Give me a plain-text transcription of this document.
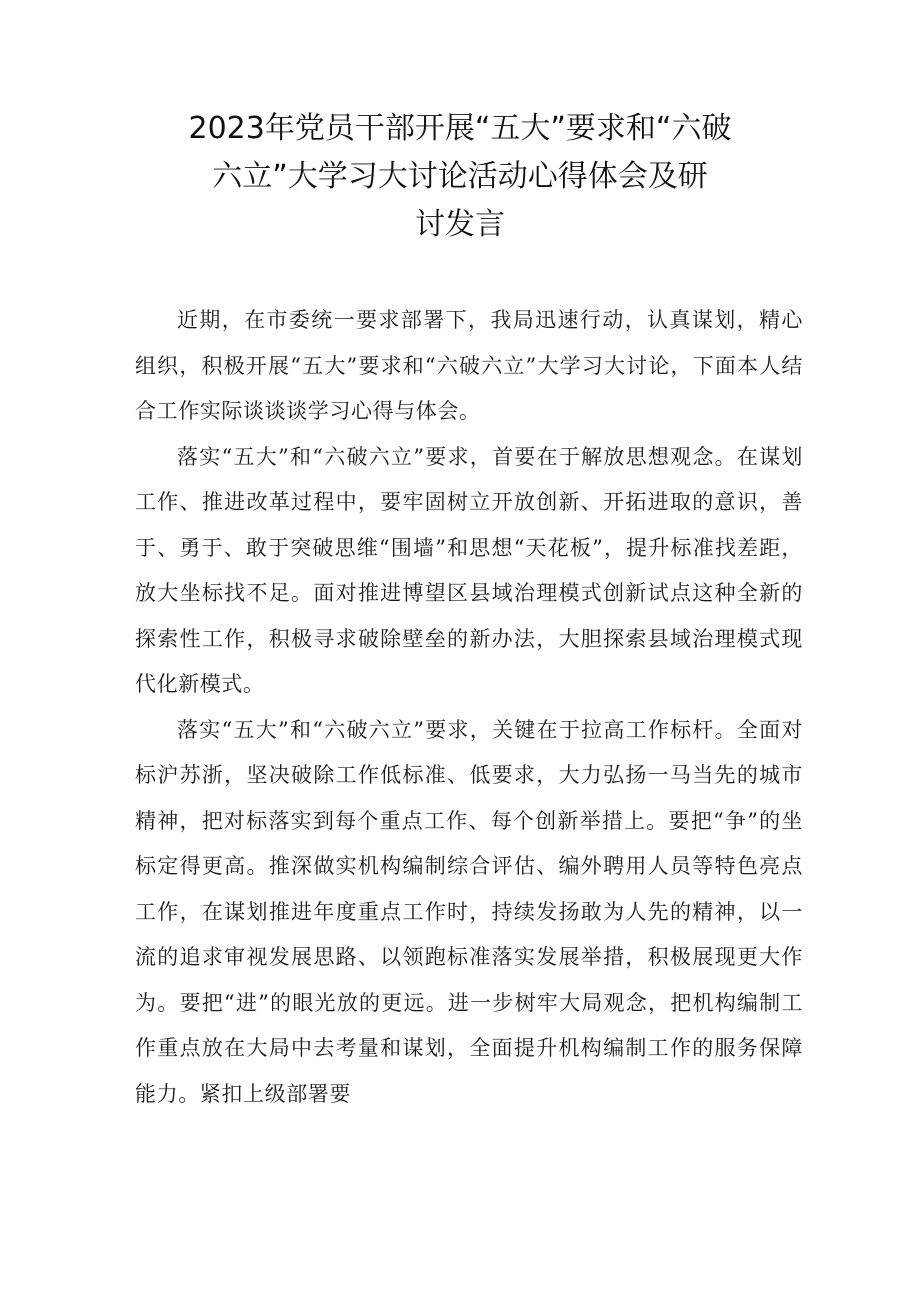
2023年党员干部开展“五大”要求和“六破
六立”大学习大讨论活动心得体会及研
讨发言

近期，在市委统一要求部署下，我局迅速行动，认真谋划，精心组织，积极开展“五大”要求和“六破六立”大学习大讨论，下面本人结合工作实际谈谈谈学习心得与体会。

落实“五大”和“六破六立”要求，首要在于解放思想观念。在谋划工作、推进改革过程中，要牢固树立开放创新、开拓进取的意识，善于、勇于、敢于突破思维“围墙”和思想“天花板”，提升标准找差距，放大坐标找不足。面对推进博望区县域治理模式创新试点这种全新的探索性工作，积极寻求破除壁垒的新办法，大胆探索县域治理模式现代化新模式。

落实“五大”和“六破六立”要求，关键在于拉高工作标杆。全面对标沪苏浙，坚决破除工作低标准、低要求，大力弘扬一马当先的城市精神，把对标落实到每个重点工作、每个创新举措上。要把“争”的坐标定得更高。推深做实机构编制综合评估、编外聘用人员等特色亮点工作，在谋划推进年度重点工作时，持续发扬敢为人先的精神，以一流的追求审视发展思路、以领跑标准落实发展举措，积极展现更大作为。要把“进”的眼光放的更远。进一步树牢大局观念，把机构编制工作重点放在大局中去考量和谋划，全面提升机构编制工作的服务保障能力。紧扣上级部署要
